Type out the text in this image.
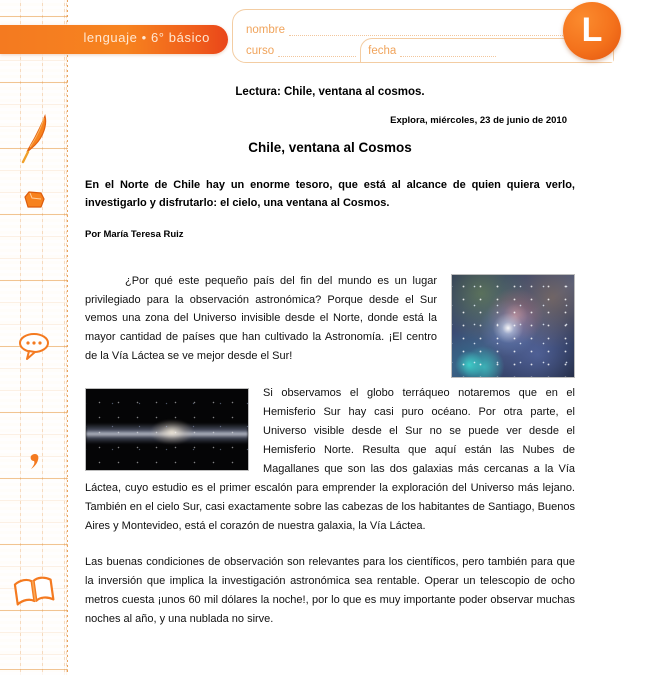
lenguaje • 6° básico	nombre
curso	fecha
L

Lectura: Chile, ventana al cosmos.

Explora, miércoles, 23 de junio de 2010

Chile, ventana al Cosmos

En el Norte de Chile hay un enorme tesoro, que está al alcance de quien quiera verlo, investigarlo y disfrutarlo: el cielo, una ventana al Cosmos.

Por María Teresa Ruiz

¿Por qué este pequeño país del fin del mundo es un lugar privilegiado para la observación astronómica? Porque desde el Sur vemos una zona del Universo invisible desde el Norte, donde está la mayor cantidad de países que han cultivado la Astronomía. ¡El centro de la Vía Láctea se ve mejor desde el Sur!

Si observamos el globo terráqueo notaremos que en el Hemisferio Sur hay casi puro océano. Por otra parte, el Universo visible desde el Sur no se puede ver desde el Hemisferio Norte. Resulta que aquí están las Nubes de Magallanes que son las dos galaxias más cercanas a la Vía Láctea, cuyo estudio es el primer escalón para emprender la exploración del Universo más lejano. También en el cielo Sur, casi exactamente sobre las cabezas de los habitantes de Santiago, Buenos Aires y Montevideo, está el corazón de nuestra galaxia, la Vía Láctea.

Las buenas condiciones de observación son relevantes para los científicos, pero también para que la inversión que implica la investigación astronómica sea rentable. Operar un telescopio de ocho metros cuesta ¡unos 60 mil dólares la noche!, por lo que es muy importante poder observar muchas noches al año, y una nublada no sirve.
